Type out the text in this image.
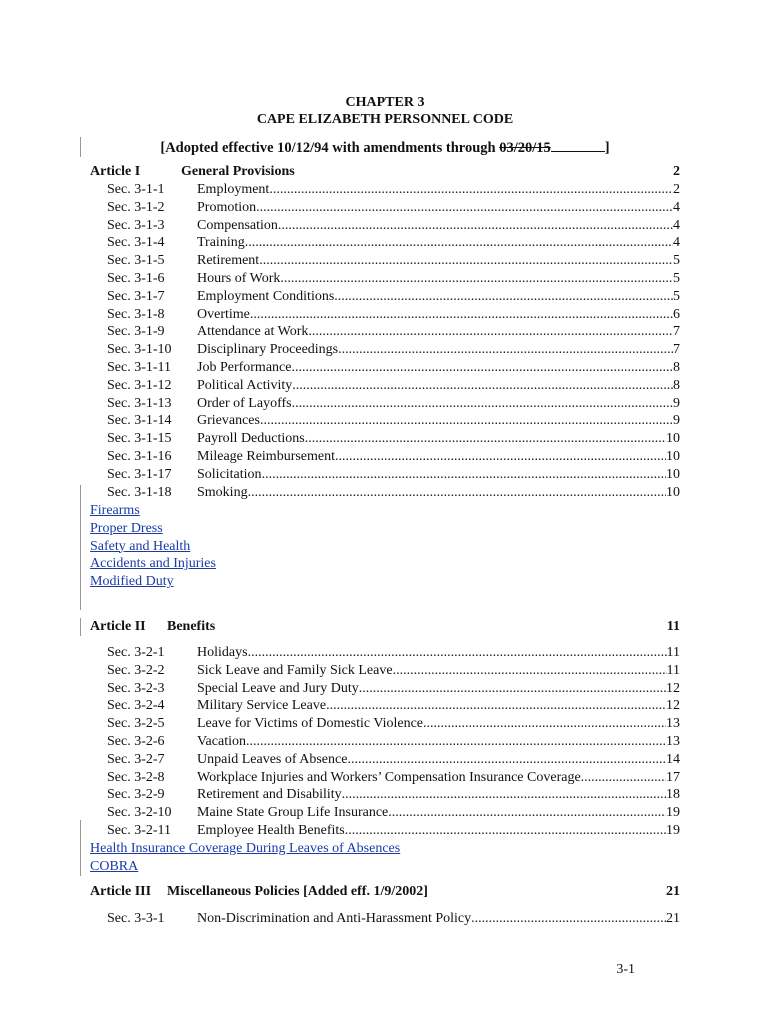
CHAPTER 3
CAPE ELIZABETH PERSONNEL CODE
[Adopted effective 10/12/94 with amendments through 03/20/15	]
Article I	General Provisions	2
Sec. 3-1-1	Employment .....	2
Sec. 3-1-2	Promotion .....	4
Sec. 3-1-3	Compensation .....	4
Sec. 3-1-4	Training .....	4
Sec. 3-1-5	Retirement .....	5
Sec. 3-1-6	Hours of Work .....	5
Sec. 3-1-7	Employment Conditions .....	5
Sec. 3-1-8	Overtime .....	6
Sec. 3-1-9	Attendance at Work .....	7
Sec. 3-1-10	Disciplinary Proceedings .....	7
Sec. 3-1-11	Job Performance .....	8
Sec. 3-1-12	Political Activity .....	8
Sec. 3-1-13	Order of Layoffs .....	9
Sec. 3-1-14	Grievances .....	9
Sec. 3-1-15	Payroll Deductions .....	10
Sec. 3-1-16	Mileage Reimbursement .....	10
Sec. 3-1-17	Solicitation .....	10
Sec. 3-1-18	Smoking .....	10
Firearms
Proper Dress
Safety and Health
Accidents and Injuries
Modified Duty
Article II	Benefits	11
Sec. 3-2-1	Holidays .....	11
Sec. 3-2-2	Sick Leave and Family Sick Leave .....	11
Sec. 3-2-3	Special Leave and Jury Duty .....	12
Sec. 3-2-4	Military Service Leave .....	12
Sec. 3-2-5	Leave for Victims of Domestic Violence .....	13
Sec. 3-2-6	Vacation .....	13
Sec. 3-2-7	Unpaid Leaves of Absence .....	14
Sec. 3-2-8	Workplace Injuries and Workers’ Compensation Insurance Coverage .....	17
Sec. 3-2-9	Retirement and Disability .....	18
Sec. 3-2-10	Maine State Group Life Insurance .....	19
Sec. 3-2-11	Employee Health Benefits .....	19
Health Insurance Coverage During Leaves of Absences
COBRA
Article III	Miscellaneous Policies [Added eff. 1/9/2002]	21
Sec. 3-3-1	Non-Discrimination and Anti-Harassment Policy .....	21
3-1
